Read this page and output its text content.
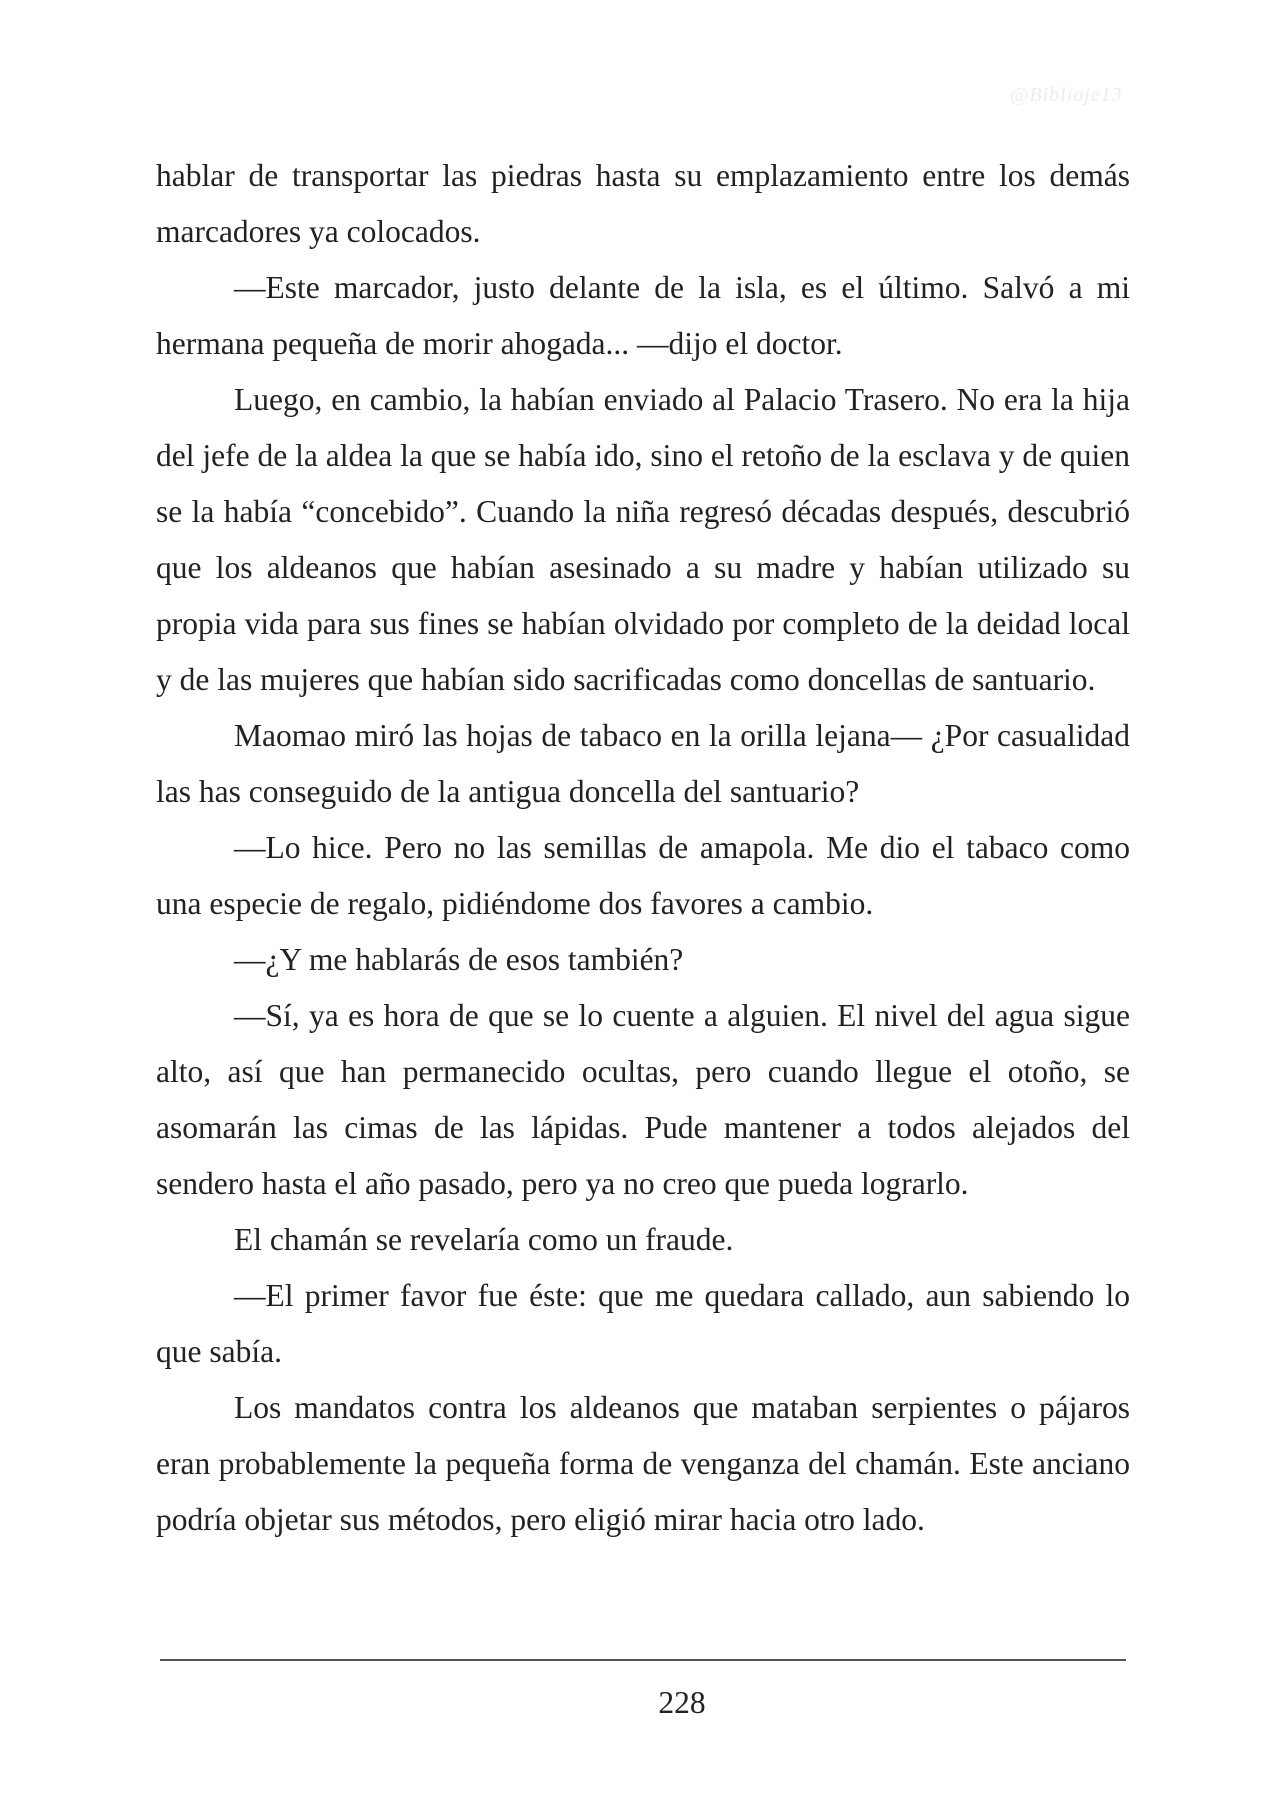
@Biblioje13

hablar de transportar las piedras hasta su emplazamiento entre los demás marcadores ya colocados.

—Este marcador, justo delante de la isla, es el último. Salvó a mi hermana pequeña de morir ahogada... —dijo el doctor.

Luego, en cambio, la habían enviado al Palacio Trasero. No era la hija del jefe de la aldea la que se había ido, sino el retoño de la esclava y de quien se la había “concebido”. Cuando la niña regresó décadas después, descubrió que los aldeanos que habían asesinado a su madre y habían utilizado su propia vida para sus fines se habían olvidado por completo de la deidad local y de las mujeres que habían sido sacrificadas como doncellas de santuario.

Maomao miró las hojas de tabaco en la orilla lejana— ¿Por casualidad las has conseguido de la antigua doncella del santuario?

—Lo hice. Pero no las semillas de amapola. Me dio el tabaco como una especie de regalo, pidiéndome dos favores a cambio.

—¿Y me hablarás de esos también?

—Sí, ya es hora de que se lo cuente a alguien. El nivel del agua sigue alto, así que han permanecido ocultas, pero cuando llegue el otoño, se asomarán las cimas de las lápidas. Pude mantener a todos alejados del sendero hasta el año pasado, pero ya no creo que pueda lograrlo.

El chamán se revelaría como un fraude.

—El primer favor fue éste: que me quedara callado, aun sabiendo lo que sabía.

Los mandatos contra los aldeanos que mataban serpientes o pájaros eran probablemente la pequeña forma de venganza del chamán. Este anciano podría objetar sus métodos, pero eligió mirar hacia otro lado.

228
